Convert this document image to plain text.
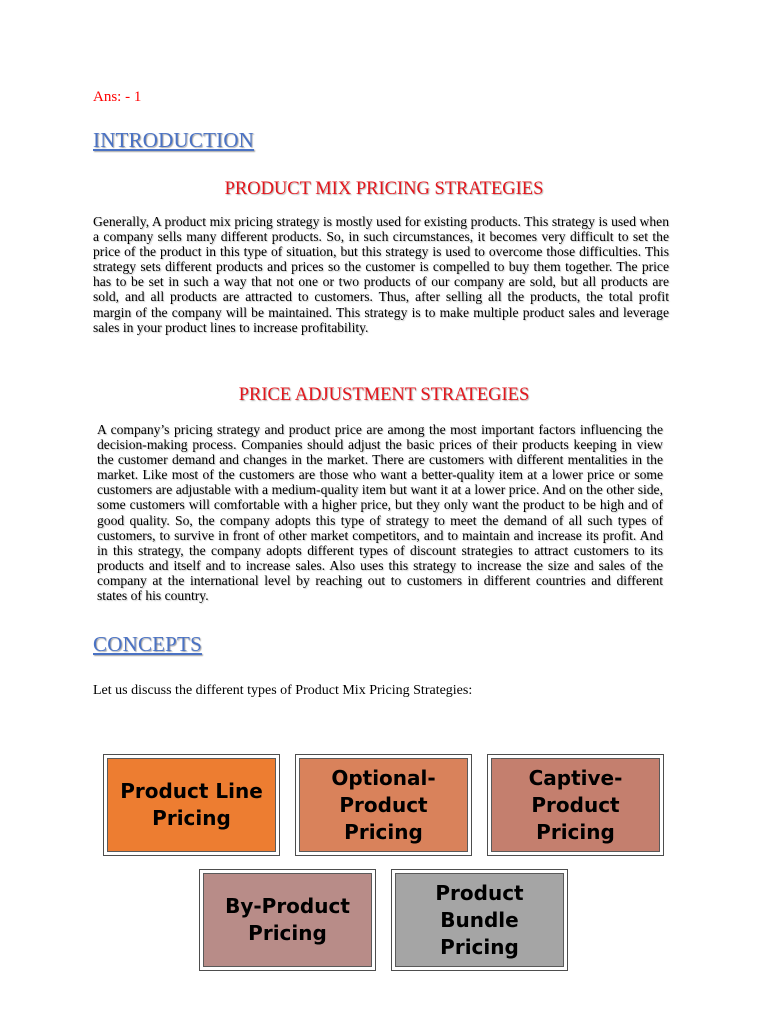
Ans: - 1
INTRODUCTION
PRODUCT MIX PRICING STRATEGIES
Generally, A product mix pricing strategy is mostly used for existing products. This strategy is used when a company sells many different products. So, in such circumstances, it becomes very difficult to set the price of the product in this type of situation, but this strategy is used to overcome those difficulties. This strategy sets different products and prices so the customer is compelled to buy them together. The price has to be set in such a way that not one or two products of our company are sold, but all products are sold, and all products are attracted to customers. Thus, after selling all the products, the total profit margin of the company will be maintained. This strategy is to make multiple product sales and leverage sales in your product lines to increase profitability.
PRICE ADJUSTMENT STRATEGIES
A company’s pricing strategy and product price are among the most important factors influencing the decision-making process. Companies should adjust the basic prices of their products keeping in view the customer demand and changes in the market. There are customers with different mentalities in the market. Like most of the customers are those who want a better-quality item at a lower price or some customers are adjustable with a medium-quality item but want it at a lower price. And on the other side, some customers will comfortable with a higher price, but they only want the product to be high and of good quality. So, the company adopts this type of strategy to meet the demand of all such types of customers, to survive in front of other market competitors, and to maintain and increase its profit. And in this strategy, the company adopts different types of discount strategies to attract customers to its products and itself and to increase sales. Also uses this strategy to increase the size and sales of the company at the international level by reaching out to customers in different countries and different states of his country.
CONCEPTS
Let us discuss the different types of Product Mix Pricing Strategies:
Product Line Pricing
Optional-Product Pricing
Captive-Product Pricing
By-Product Pricing
Product Bundle Pricing
